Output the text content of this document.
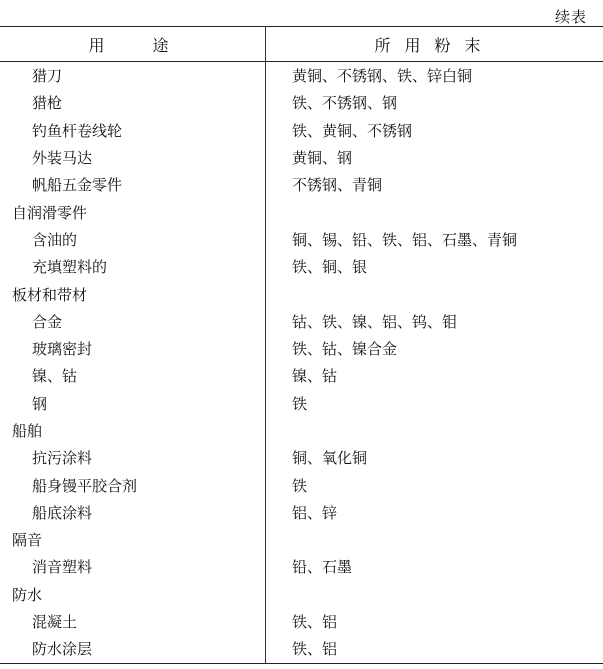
续表
用途	所用粉末
猎刀	黄铜、不锈钢、铁、锌白铜
猎枪	铁、不锈钢、钢
钓鱼杆卷线轮	铁、黄铜、不锈钢
外装马达	黄铜、钢
帆船五金零件	不锈钢、青铜
自润滑零件
含油的	铜、锡、铅、铁、铝、石墨、青铜
充填塑料的	铁、铜、银
板材和带材
合金	钴、铁、镍、铝、钨、钼
玻璃密封	铁、钴、镍合金
镍、钴	镍、钴
钢	铁
船舶
抗污涂料	铜、氧化铜
船身镘平胶合剂	铁
船底涂料	铝、锌
隔音
消音塑料	铅、石墨
防水
混凝土	铁、铝
防水涂层	铁、铝
